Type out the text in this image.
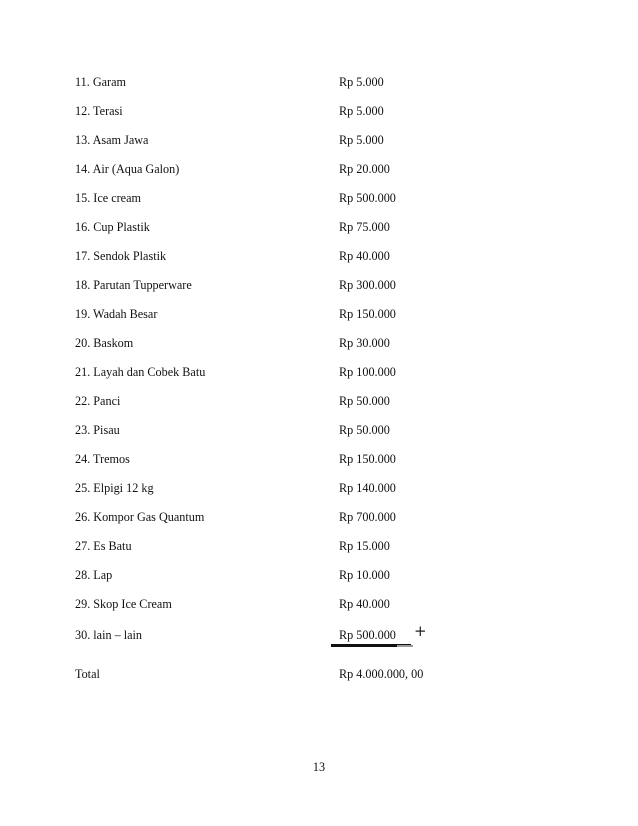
11. Garam	Rp 5.000
12. Terasi	Rp 5.000
13. Asam Jawa	Rp 5.000
14. Air (Aqua Galon)	Rp 20.000
15. Ice cream	Rp 500.000
16. Cup Plastik	Rp 75.000
17. Sendok Plastik	Rp 40.000
18. Parutan Tupperware	Rp 300.000
19. Wadah Besar	Rp 150.000
20. Baskom	Rp 30.000
21. Layah dan Cobek Batu	Rp 100.000
22. Panci	Rp 50.000
23. Pisau	Rp 50.000
24. Tremos	Rp 150.000
25. Elpigi 12 kg	Rp 140.000
26. Kompor Gas Quantum	Rp 700.000
27. Es Batu	Rp 15.000
28. Lap	Rp 10.000
29. Skop Ice Cream	Rp 40.000
30. lain – lain	Rp 500.000 +
Total	Rp 4.000.000, 00
13
